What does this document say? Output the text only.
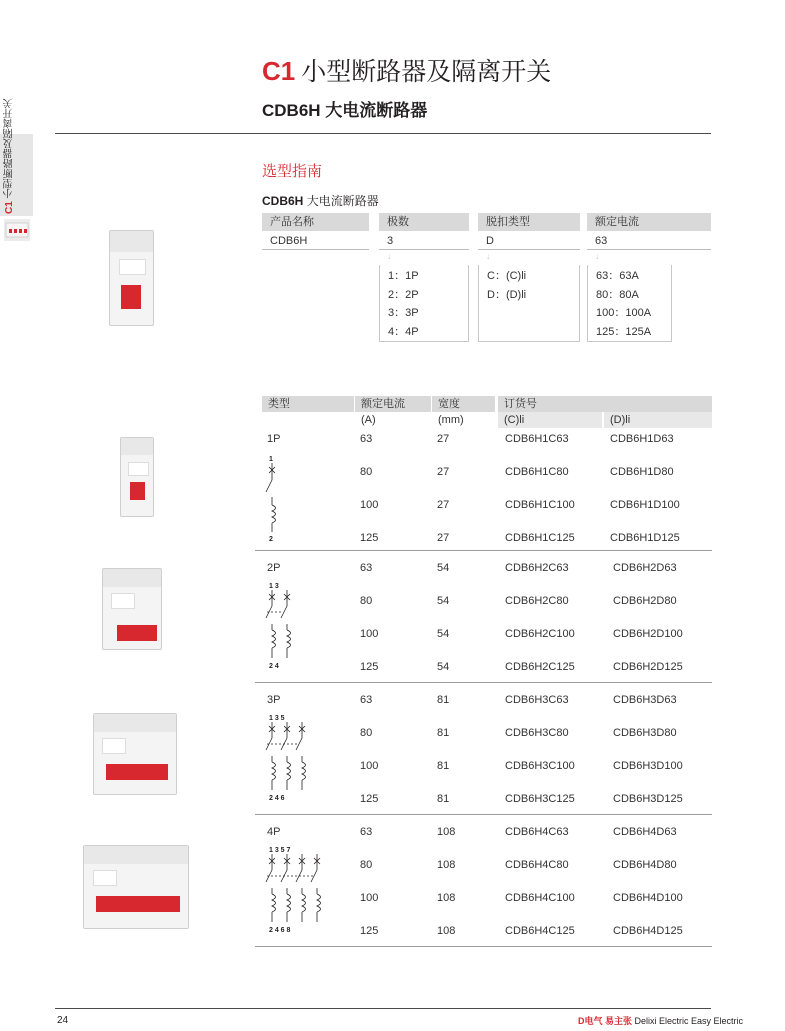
C1 小型断路器及隔离开关
CDB6H 大电流断路器
C1 小型断路器及隔离开关	选型指南
CDB6H 大电流断路器
产品名称	极数	脱扣类型	额定电流
CDB6H	3	D	63
↓	↓	↓
1：1P
2：2P
3：3P
4：4P
C：(C)li
D：(D)li
63：63A
80：80A
100：100A
125：125A
类型	额定电流	宽度	订货号
(A)	(mm)	(C)li	(D)li
1P
1
2
63	27	CDB6H1C63	CDB6H1D63
80	27	CDB6H1C80	CDB6H1D80
100	27	CDB6H1C100	CDB6H1D100
125	27	CDB6H1C125	CDB6H1D125
2P
1 3
2 4
63	54	CDB6H2C63	CDB6H2D63
80	54	CDB6H2C80	CDB6H2D80
100	54	CDB6H2C100	CDB6H2D100
125	54	CDB6H2C125	CDB6H2D125
3P
1 3 5
2 4 6
63	81	CDB6H3C63	CDB6H3D63
80	81	CDB6H3C80	CDB6H3D80
100	81	CDB6H3C100	CDB6H3D100
125	81	CDB6H3C125	CDB6H3D125
4P
1 3 5 7
2 4 6 8
63	108	CDB6H4C63	CDB6H4D63
80	108	CDB6H4C80	CDB6H4D80
100	108	CDB6H4C100	CDB6H4D100
125	108	CDB6H4C125	CDB6H4D125
24	D电气 易主张 Delixi Electric Easy Electric
